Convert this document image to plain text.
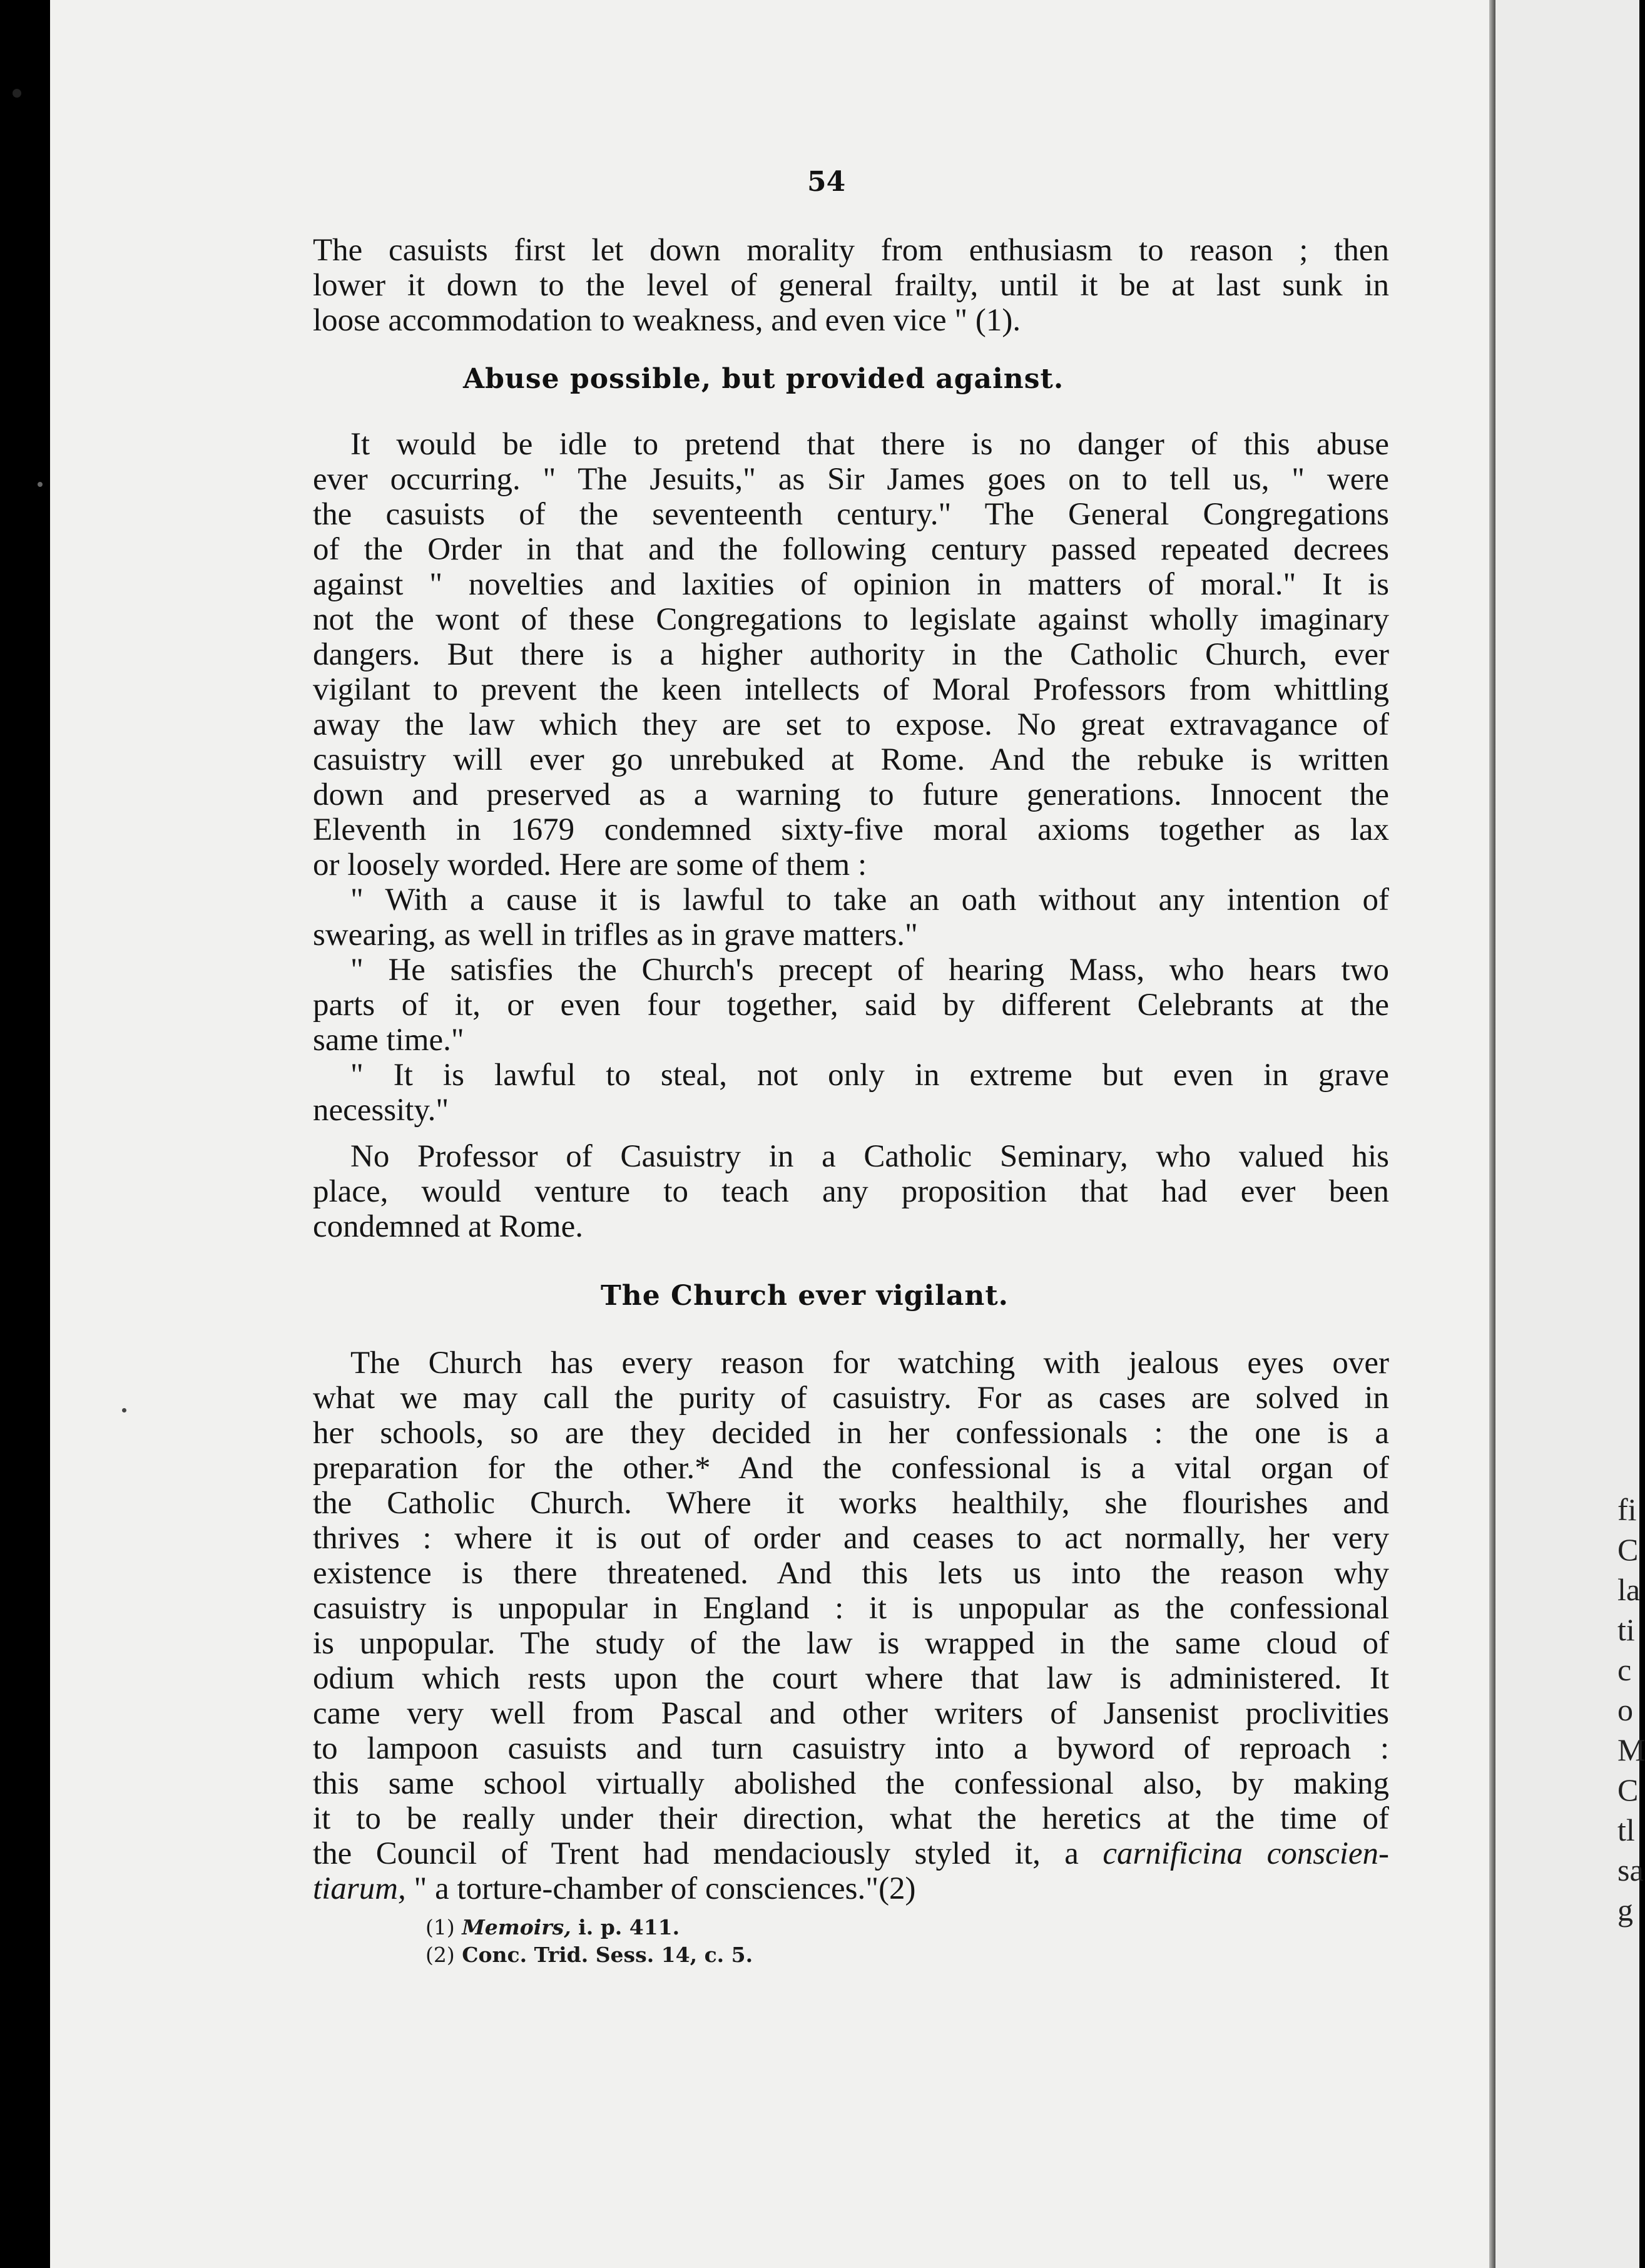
54

The casuists first let down morality from enthusiasm to reason ; then
lower it down to the level of general frailty, until it be at last sunk in
loose accommodation to weakness, and even vice " (1).

Abuse possible, but provided against.

It would be idle to pretend that there is no danger of this abuse
ever occurring. " The Jesuits," as Sir James goes on to tell us, " were
the casuists of the seventeenth century." The General Congregations
of the Order in that and the following century passed repeated decrees
against " novelties and laxities of opinion in matters of moral." It is
not the wont of these Congregations to legislate against wholly imaginary
dangers. But there is a higher authority in the Catholic Church, ever
vigilant to prevent the keen intellects of Moral Professors from whittling
away the law which they are set to expose. No great extravagance of
casuistry will ever go unrebuked at Rome. And the rebuke is written
down and preserved as a warning to future generations. Innocent the
Eleventh in 1679 condemned sixty-five moral axioms together as lax
or loosely worded. Here are some of them :

" With a cause it is lawful to take an oath without any intention of
swearing, as well in trifles as in grave matters."
" He satisfies the Church's precept of hearing Mass, who hears two
parts of it, or even four together, said by different Celebrants at the
same time."
" It is lawful to steal, not only in extreme but even in grave
necessity."

No Professor of Casuistry in a Catholic Seminary, who valued his
place, would venture to teach any proposition that had ever been
condemned at Rome.

The Church ever vigilant.

The Church has every reason for watching with jealous eyes over
what we may call the purity of casuistry. For as cases are solved in
her schools, so are they decided in her confessionals : the one is a
preparation for the other.* And the confessional is a vital organ of
the Catholic Church. Where it works healthily, she flourishes and
thrives : where it is out of order and ceases to act normally, her very
existence is there threatened. And this lets us into the reason why
casuistry is unpopular in England : it is unpopular as the confessional
is unpopular. The study of the law is wrapped in the same cloud of
odium which rests upon the court where that law is administered. It
came very well from Pascal and other writers of Jansenist proclivities
to lampoon casuists and turn casuistry into a byword of reproach :
this same school virtually abolished the confessional also, by making
it to be really under their direction, what the heretics at the time of
the Council of Trent had mendaciously styled it, a carnificina conscien-
tiarum, " a torture-chamber of consciences."(2)

(1) Memoirs, i. p. 411.
(2) Conc. Trid. Sess. 14, c. 5.
fi
C
la
ti
c
o
M
C
tl
sa
g
